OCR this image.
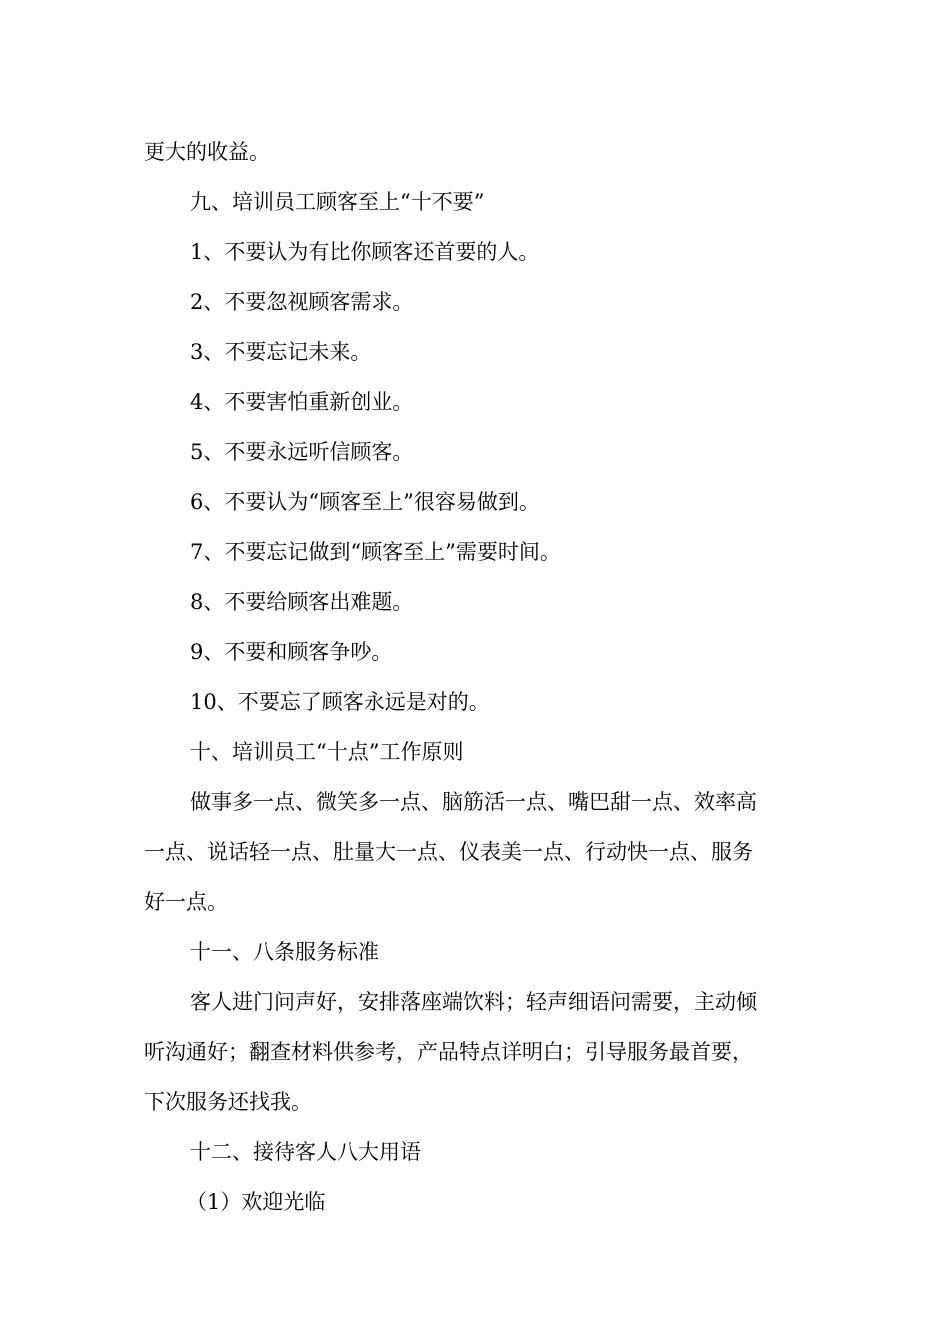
更大的收益。
九、培训员工顾客至上“十不要”
1、不要认为有比你顾客还首要的人。
2、不要忽视顾客需求。
3、不要忘记未来。
4、不要害怕重新创业。
5、不要永远听信顾客。
6、不要认为“顾客至上”很容易做到。
7、不要忘记做到“顾客至上”需要时间。
8、不要给顾客出难题。
9、不要和顾客争吵。
10、不要忘了顾客永远是对的。
十、培训员工“十点”工作原则
做事多一点、微笑多一点、脑筋活一点、嘴巴甜一点、效率高
一点、说话轻一点、肚量大一点、仪表美一点、行动快一点、服务
好一点。
十一、八条服务标准
客人进门问声好，安排落座端饮料；轻声细语问需要，主动倾
听沟通好；翻查材料供参考，产品特点详明白；引导服务最首要，
下次服务还找我。
十二、接待客人八大用语
（1）欢迎光临
